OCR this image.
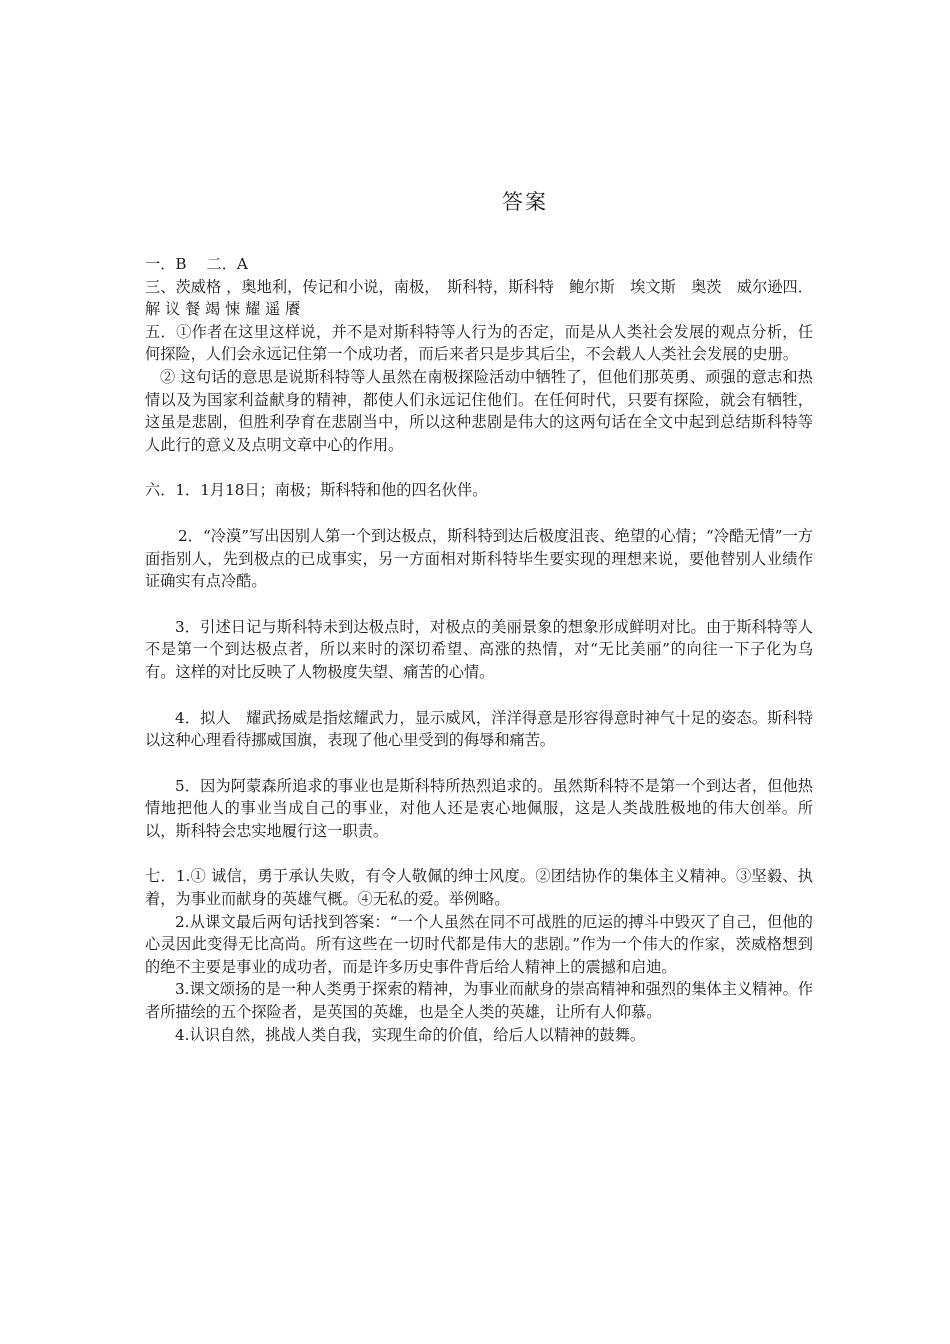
答案

一．B　 二．A

三、茨威格 ，奥地利，传记和小说，南极，　斯科特，斯科特　鲍尔斯　埃文斯　奥茨　威尔逊四．解 议 餐 竭 悚 耀 遥 餍

五．①作者在这里这样说，并不是对斯科特等人行为的否定，而是从人类社会发展的观点分析，任何探险，人们会永远记住第一个成功者，而后来者只是步其后尘，不会载人人类社会发展的史册。

② 这句话的意思是说斯科特等人虽然在南极探险活动中牺牲了，但他们那英勇、顽强的意志和热情以及为国家利益献身的精神，都使人们永远记住他们。在任何时代，只要有探险，就会有牺牲，这虽是悲剧，但胜利孕育在悲剧当中，所以这种悲剧是伟大的这两句话在全文中起到总结斯科特等人此行的意义及点明文章中心的作用。

六．1．1月18日；南极；斯科特和他的四名伙伴。

2．“冷漠”写出因别人第一个到达极点，斯科特到达后极度沮丧、绝望的心情；“冷酷无情”一方面指别人，先到极点的已成事实，另一方面相对斯科特毕生要实现的理想来说，要他替别人业绩作证确实有点冷酷。

3．引述日记与斯科特未到达极点时，对极点的美丽景象的想象形成鲜明对比。由于斯科特等人不是第一个到达极点者，所以来时的深切希望、高涨的热情，对“无比美丽”的向往一下子化为乌有。这样的对比反映了人物极度失望、痛苦的心情。

4．拟人　耀武扬威是指炫耀武力，显示威风，洋洋得意是形容得意时神气十足的姿态。斯科特以这种心理看待挪威国旗，表现了他心里受到的侮辱和痛苦。

5．因为阿蒙森所追求的事业也是斯科特所热烈追求的。虽然斯科特不是第一个到达者，但他热情地把他人的事业当成自己的事业，对他人还是衷心地佩服，这是人类战胜极地的伟大创举。所以，斯科特会忠实地履行这一职责。

七．1.① 诚信，勇于承认失败，有令人敬佩的绅士风度。②团结协作的集体主义精神。③坚毅、执着，为事业而献身的英雄气概。④无私的爱。举例略。

2.从课文最后两句话找到答案：“一个人虽然在同不可战胜的厄运的搏斗中毁灭了自己，但他的心灵因此变得无比高尚。所有这些在一切时代都是伟大的悲剧。”作为一个伟大的作家，茨威格想到的绝不主要是事业的成功者，而是许多历史事件背后给人精神上的震撼和启迪。

3.课文颂扬的是一种人类勇于探索的精神，为事业而献身的崇高精神和强烈的集体主义精神。作者所描绘的五个探险者，是英国的英雄，也是全人类的英雄，让所有人仰慕。

4.认识自然，挑战人类自我，实现生命的价值，给后人以精神的鼓舞。
